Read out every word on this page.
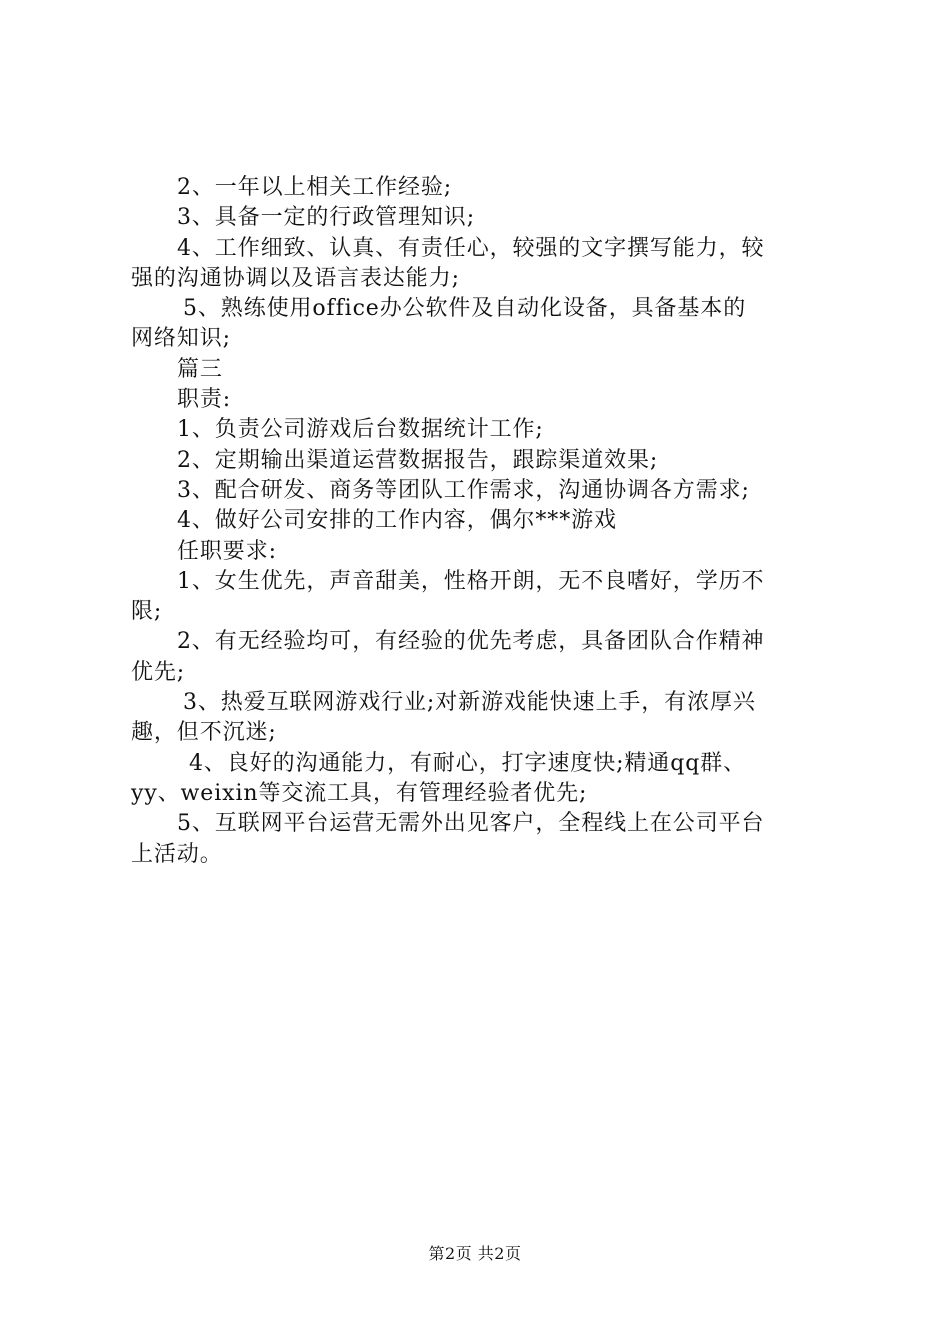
2、一年以上相关工作经验;
3、具备一定的行政管理知识;
4、工作细致、认真、有责任心，较强的文字撰写能力，较
强的沟通协调以及语言表达能力;
5、熟练使用office办公软件及自动化设备，具备基本的
网络知识;
篇三
职责:
1、负责公司游戏后台数据统计工作;
2、定期输出渠道运营数据报告，跟踪渠道效果;
3、配合研发、商务等团队工作需求，沟通协调各方需求;
4、做好公司安排的工作内容，偶尔***游戏
任职要求:
1、女生优先，声音甜美，性格开朗，无不良嗜好，学历不
限;
2、有无经验均可，有经验的优先考虑，具备团队合作精神
优先;
3、热爱互联网游戏行业;对新游戏能快速上手，有浓厚兴
趣，但不沉迷;
4、良好的沟通能力，有耐心，打字速度快;精通qq群、
yy、weixin等交流工具，有管理经验者优先;
5、互联网平台运营无需外出见客户，全程线上在公司平台
上活动。
第2页 共2页
